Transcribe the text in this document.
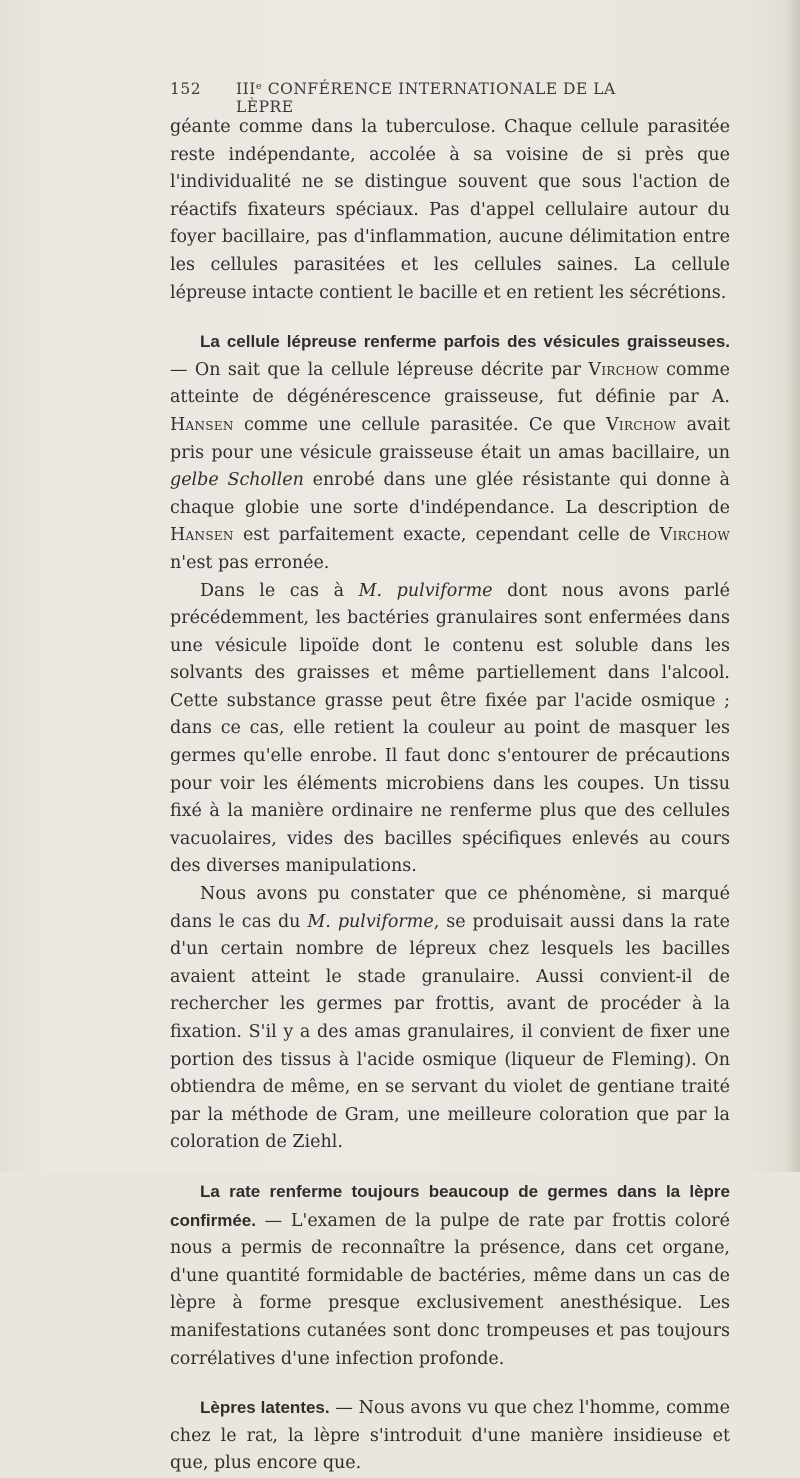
152 IIIᵉ CONFÉRENCE INTERNATIONALE DE LA LÈPRE

géante comme dans la tuberculose. Chaque cellule parasitée reste indépendante, accolée à sa voisine de si près que l'individualité ne se distingue souvent que sous l'action de réactifs fixateurs spéciaux. Pas d'appel cellulaire autour du foyer bacillaire, pas d'inflammation, aucune délimitation entre les cellules parasitées et les cellules saines. La cellule lépreuse intacte contient le bacille et en retient les sécrétions.

La cellule lépreuse renferme parfois des vésicules graisseuses. — On sait que la cellule lépreuse décrite par Virchow comme atteinte de dégénérescence graisseuse, fut définie par A. Hansen comme une cellule parasitée. Ce que Virchow avait pris pour une vésicule graisseuse était un amas bacillaire, un gelbe Schollen enrobé dans une glée résistante qui donne à chaque globie une sorte d'indépendance. La description de Hansen est parfaitement exacte, cependant celle de Virchow n'est pas erronée.

Dans le cas à M. pulviforme dont nous avons parlé précédemment, les bactéries granulaires sont enfermées dans une vésicule lipoïde dont le contenu est soluble dans les solvants des graisses et même partiellement dans l'alcool. Cette substance grasse peut être fixée par l'acide osmique ; dans ce cas, elle retient la couleur au point de masquer les germes qu'elle enrobe. Il faut donc s'entourer de précautions pour voir les éléments microbiens dans les coupes. Un tissu fixé à la manière ordinaire ne renferme plus que des cellules vacuolaires, vides des bacilles spécifiques enlevés au cours des diverses manipulations.

Nous avons pu constater que ce phénomène, si marqué dans le cas du M. pulviforme, se produisait aussi dans la rate d'un certain nombre de lépreux chez lesquels les bacilles avaient atteint le stade granulaire. Aussi convient-il de rechercher les germes par frottis, avant de procéder à la fixation. S'il y a des amas granulaires, il convient de fixer une portion des tissus à l'acide osmique (liqueur de Fleming). On obtiendra de même, en se servant du violet de gentiane traité par la méthode de Gram, une meilleure coloration que par la coloration de Ziehl.

La rate renferme toujours beaucoup de germes dans la lèpre confirmée. — L'examen de la pulpe de rate par frottis coloré nous a permis de reconnaître la présence, dans cet organe, d'une quantité formidable de bactéries, même dans un cas de lèpre à forme presque exclusivement anesthésique. Les manifestations cutanées sont donc trompeuses et pas toujours corrélatives d'une infection profonde.

Lèpres latentes. — Nous avons vu que chez l'homme, comme chez le rat, la lèpre s'introduit d'une manière insidieuse et que, plus encore que.
